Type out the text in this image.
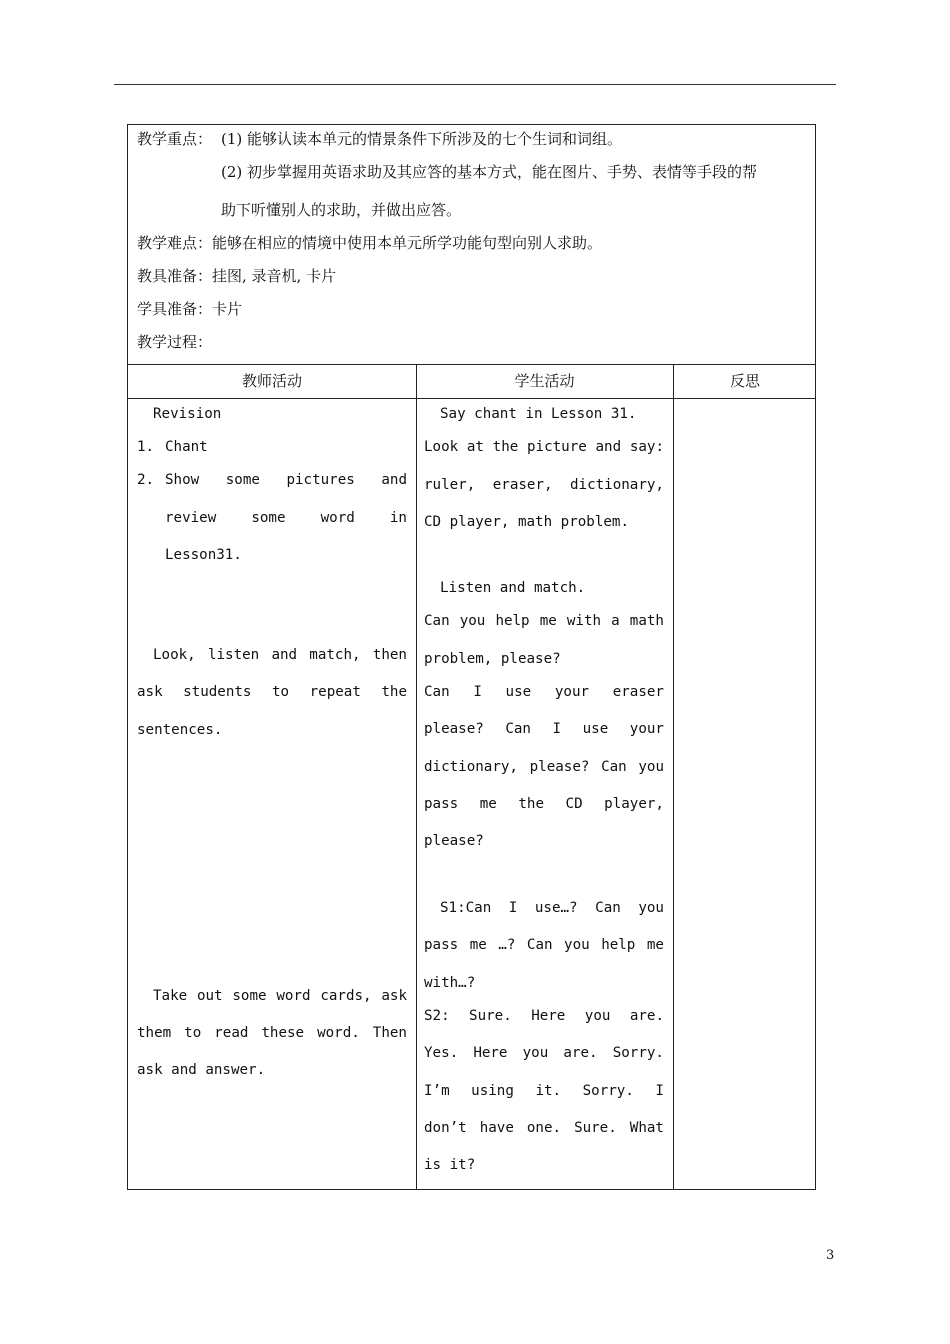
教学重点： (1) 能够认读本单元的情景条件下所涉及的七个生词和词组。
(2) 初步掌握用英语求助及其应答的基本方式，能在图片、手势、表情等手段的帮
助下听懂别人的求助，并做出应答。
教学难点：能够在相应的情境中使用本单元所学功能句型向别人求助。
教具准备：挂图, 录音机, 卡片
学具准备：卡片
教学过程：
教师活动	学生活动	反思
Revision
1. Chant
2. Show some pictures and
review some word in
Lesson31.
Look, listen and match, then
ask students to repeat the
sentences.
Take out some word cards, ask
them to read these word. Then
ask and answer.
Say chant in Lesson 31.
Look at the picture and say:
ruler, eraser, dictionary,
CD player, math problem.
Listen and match.
Can you help me with a math
problem, please?
Can I use your eraser
please? Can I use your
dictionary, please? Can you
pass me the CD player,
please?
S1:Can I use…? Can you
pass me …? Can you help me
with…?
S2: Sure. Here you are.
Yes. Here you are. Sorry.
I’m using it. Sorry. I
don’t have one. Sure. What
is it?
3
